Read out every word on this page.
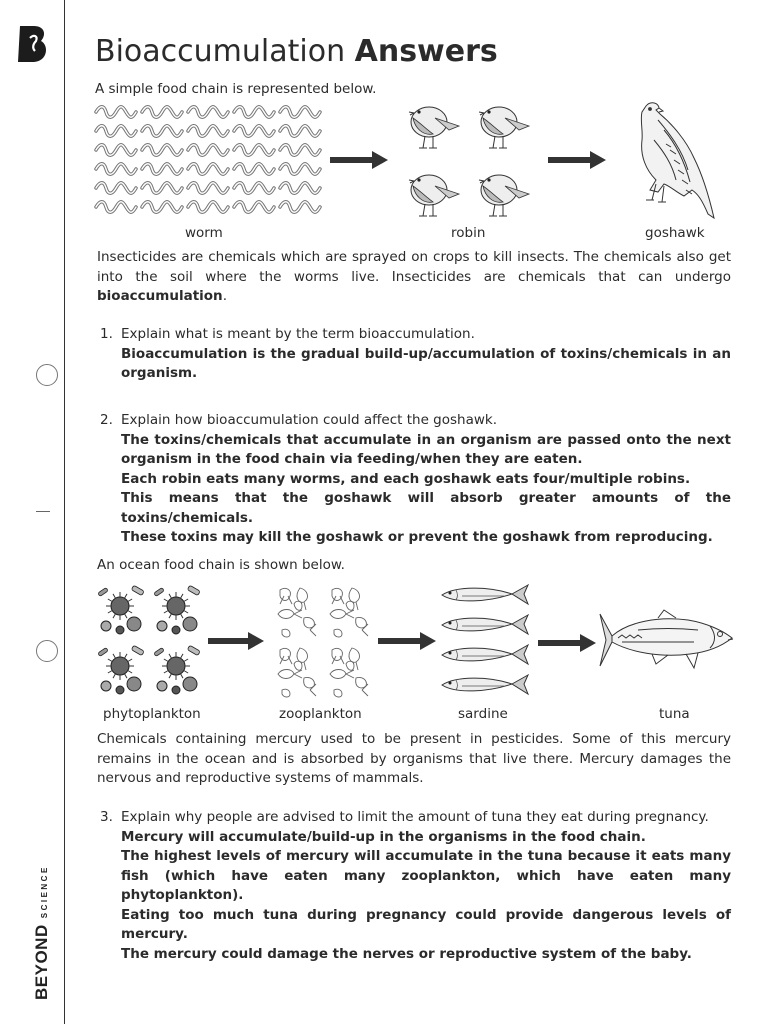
BEYONDSCIENCE
Bioaccumulation Answers
A simple food chain is represented below.
worm	robin	goshawk
Insecticides are chemicals which are sprayed on crops to kill insects. The chemicals also get into the soil where the worms live. Insecticides are chemicals that can undergo bioaccumulation.
1. Explain what is meant by the term bioaccumulation.
Bioaccumulation is the gradual build-up/accumulation of toxins/chemicals in an organism.
2. Explain how bioaccumulation could affect the goshawk.
The toxins/chemicals that accumulate in an organism are passed onto the next organism in the food chain via feeding/when they are eaten.
Each robin eats many worms, and each goshawk eats four/multiple robins.
This means that the goshawk will absorb greater amounts of the toxins/chemicals.
These toxins may kill the goshawk or prevent the goshawk from reproducing.
An ocean food chain is shown below.
phytoplankton	zooplankton	sardine	tuna
Chemicals containing mercury used to be present in pesticides. Some of this mercury remains in the ocean and is absorbed by organisms that live there. Mercury damages the nervous and reproductive systems of mammals.
3. Explain why people are advised to limit the amount of tuna they eat during pregnancy.
Mercury will accumulate/build-up in the organisms in the food chain.
The highest levels of mercury will accumulate in the tuna because it eats many fish (which have eaten many zooplankton, which have eaten many phytoplankton).
Eating too much tuna during pregnancy could provide dangerous levels of mercury.
The mercury could damage the nerves or reproductive system of the baby.
